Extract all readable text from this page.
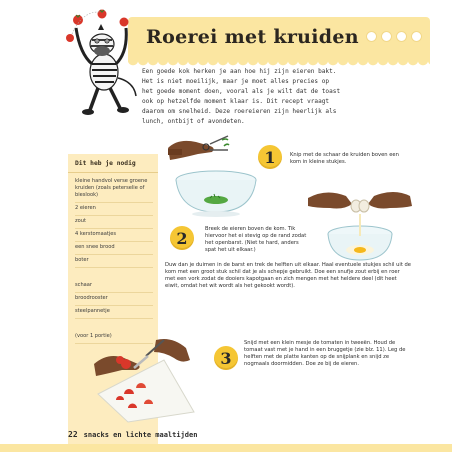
Roerei met kruiden
Een goede kok herken je aan hoe hij zijn eieren bakt. Het is niet moeilijk, maar je moet alles precies op het goede moment doen, vooral als je wilt dat de toast ook op hetzelfde moment klaar is. Dit recept vraagt daarom om snelheid. Deze roereieren zijn heerlijk als lunch, ontbijt of avondeten.
Dit heb je nodig
kleine handvol verse groene kruiden (zoals peterselie of bieslook)
2 eieren
zout
4 kerstomaatjes
een snee brood
boter
schaar
broodrooster
steelpannetje
(voor 1 portie)
1	Knip met de schaar de kruiden boven een kom in kleine stukjes.
2	Breek de eieren boven de kom. Tik hiervoor het ei stevig op de rand zodat het openbarst. (Niet te hard, anders spat het uit elkaar.)
Duw dan je duimen in de barst en trek de helften uit elkaar. Haal eventuele stukjes schil uit de kom met een groot stuk schil dat je als schepje gebruikt. Doe een snufje zout erbij en roer met een vork zodat de dooiers kapotgaan en zich mengen met het heldere deel (dit heet eiwit, omdat het wit wordt als het gekookt wordt).
3
Snijd met een klein mesje de tomaten in tweeën. Houd de tomaat vast met je hand in een bruggetje (zie blz. 11). Leg de helften met de platte kanten op de snijplank en snijd ze nogmaals doormidden. Doe ze bij de eieren.
22 snacks en lichte maaltijden
